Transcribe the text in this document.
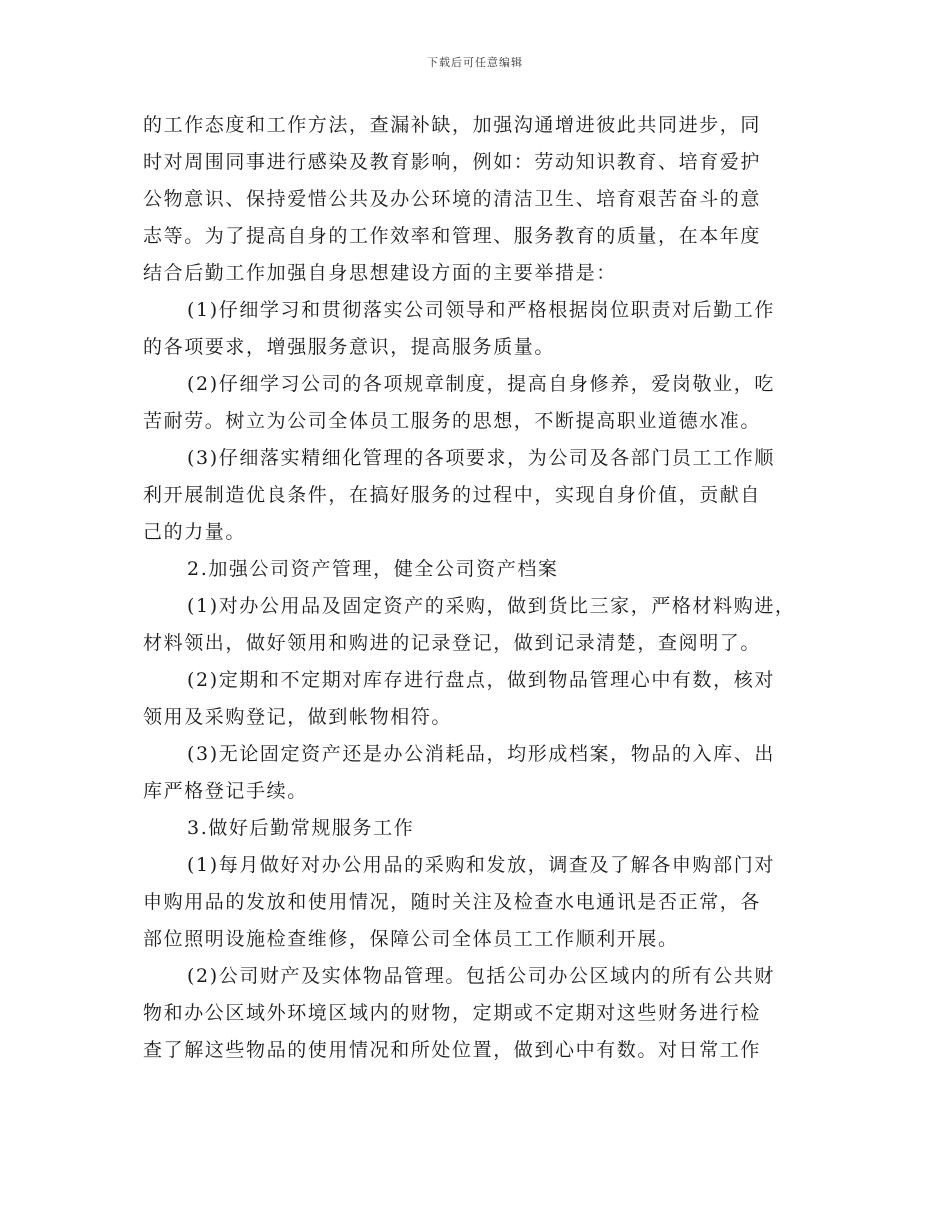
下载后可任意编辑

的工作态度和工作方法，查漏补缺，加强沟通增进彼此共同进步，同
时对周围同事进行感染及教育影响，例如：劳动知识教育、培育爱护
公物意识、保持爱惜公共及办公环境的清洁卫生、培育艰苦奋斗的意
志等。为了提高自身的工作效率和管理、服务教育的质量，在本年度
结合后勤工作加强自身思想建设方面的主要举措是：

(1)仔细学习和贯彻落实公司领导和严格根据岗位职责对后勤工作
的各项要求，增强服务意识，提高服务质量。

(2)仔细学习公司的各项规章制度，提高自身修养，爱岗敬业，吃
苦耐劳。树立为公司全体员工服务的思想，不断提高职业道德水准。

(3)仔细落实精细化管理的各项要求，为公司及各部门员工工作顺
利开展制造优良条件，在搞好服务的过程中，实现自身价值，贡献自
己的力量。

2.加强公司资产管理，健全公司资产档案

(1)对办公用品及固定资产的采购，做到货比三家，严格材料购进，
材料领出，做好领用和购进的记录登记，做到记录清楚，查阅明了。

(2)定期和不定期对库存进行盘点，做到物品管理心中有数，核对
领用及采购登记，做到帐物相符。

(3)无论固定资产还是办公消耗品，均形成档案，物品的入库、出
库严格登记手续。

3.做好后勤常规服务工作

(1)每月做好对办公用品的采购和发放，调查及了解各申购部门对
申购用品的发放和使用情况，随时关注及检查水电通讯是否正常，各
部位照明设施检查维修，保障公司全体员工工作顺利开展。

(2)公司财产及实体物品管理。包括公司办公区域内的所有公共财
物和办公区域外环境区域内的财物，定期或不定期对这些财务进行检
查了解这些物品的使用情况和所处位置，做到心中有数。对日常工作
